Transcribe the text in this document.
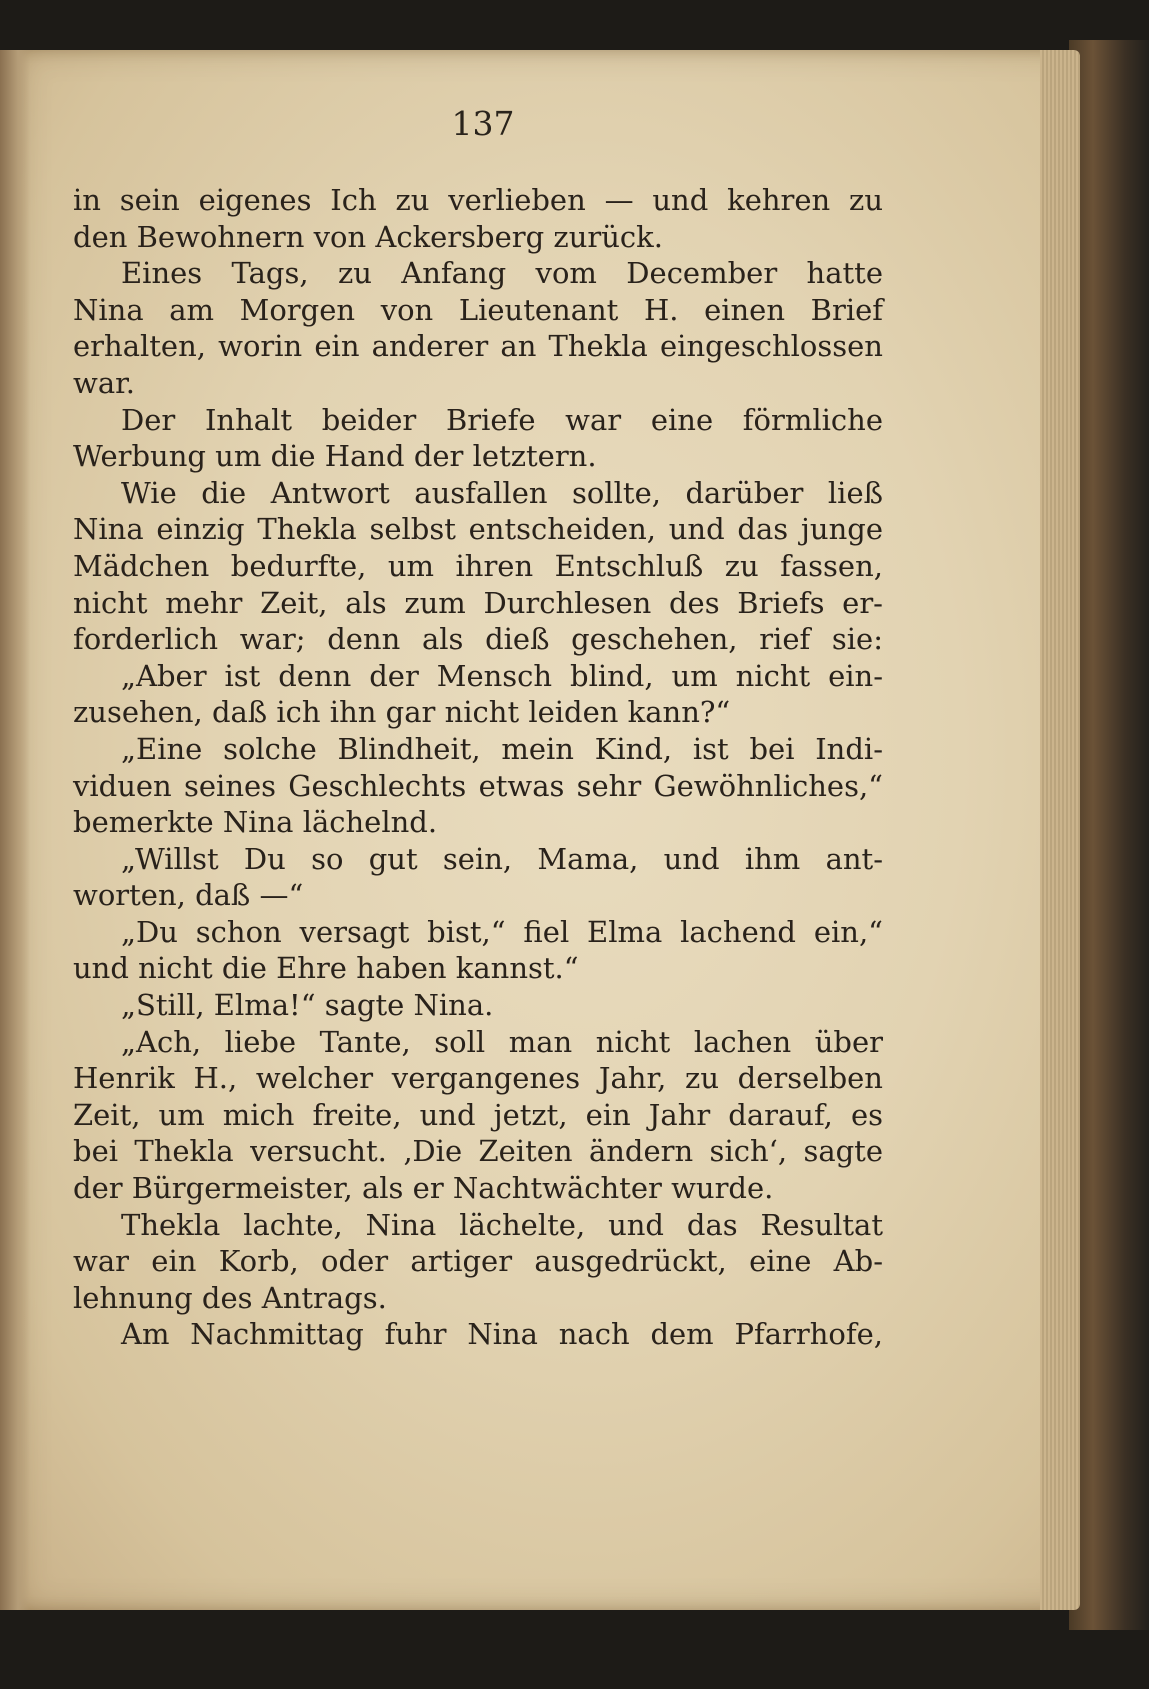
137
in sein eigenes Ich zu verlieben — und kehren zu
den Bewohnern von Ackersberg zurück.
Eines Tags, zu Anfang vom December hatte
Nina am Morgen von Lieutenant H. einen Brief
erhalten, worin ein anderer an Thekla eingeschlossen
war.
Der Inhalt beider Briefe war eine förmliche
Werbung um die Hand der letztern.
Wie die Antwort ausfallen sollte, darüber ließ
Nina einzig Thekla selbst entscheiden, und das junge
Mädchen bedurfte, um ihren Entschluß zu fassen,
nicht mehr Zeit, als zum Durchlesen des Briefs er-
forderlich war; denn als dieß geschehen, rief sie:
„Aber ist denn der Mensch blind, um nicht ein-
zusehen, daß ich ihn gar nicht leiden kann?“
„Eine solche Blindheit, mein Kind, ist bei Indi-
viduen seines Geschlechts etwas sehr Gewöhnliches,“
bemerkte Nina lächelnd.
„Willst Du so gut sein, Mama, und ihm ant-
worten, daß —“
„Du schon versagt bist,“ fiel Elma lachend ein,“
und nicht die Ehre haben kannst.“
„Still, Elma!“ sagte Nina.
„Ach, liebe Tante, soll man nicht lachen über
Henrik H., welcher vergangenes Jahr, zu derselben
Zeit, um mich freite, und jetzt, ein Jahr darauf, es
bei Thekla versucht. ‚Die Zeiten ändern sich‘, sagte
der Bürgermeister, als er Nachtwächter wurde.
Thekla lachte, Nina lächelte, und das Resultat
war ein Korb, oder artiger ausgedrückt, eine Ab-
lehnung des Antrags.
Am Nachmittag fuhr Nina nach dem Pfarrhofe,
